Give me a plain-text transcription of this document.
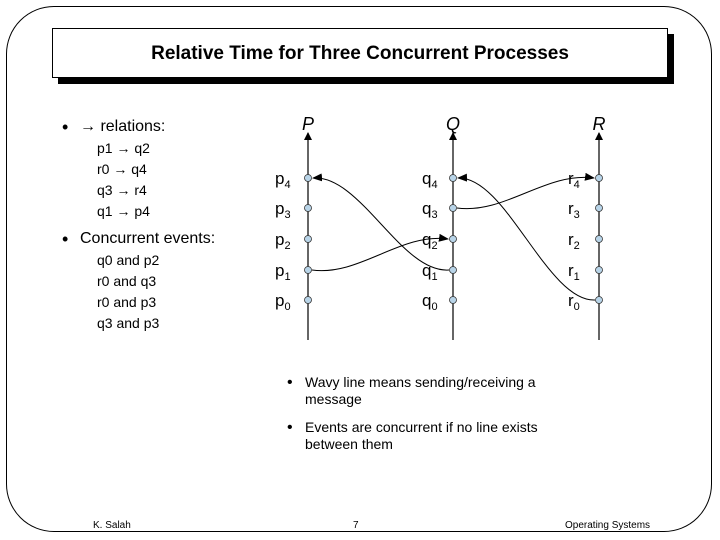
Relative Time for Three Concurrent Processes
• → relations:
p1 → q2
r0 → q4
q3 → r4
q1 → p4
• Concurrent events:
q0 and p2
r0 and q3
r0 and p3
q3 and p3
• Wavy line means sending/receiving a message
• Events are concurrent if no line exists between them
P
$p_4$
$p_3$
$p_2$
$p_1$
$p_0$
Q
$q_4$
$q_3$
$q_2$
$q_1$
$q_0$
R
$r_4$
$r_3$
$r_2$
$r_1$
$r_0$
K. Salah	7	Operating Systems
